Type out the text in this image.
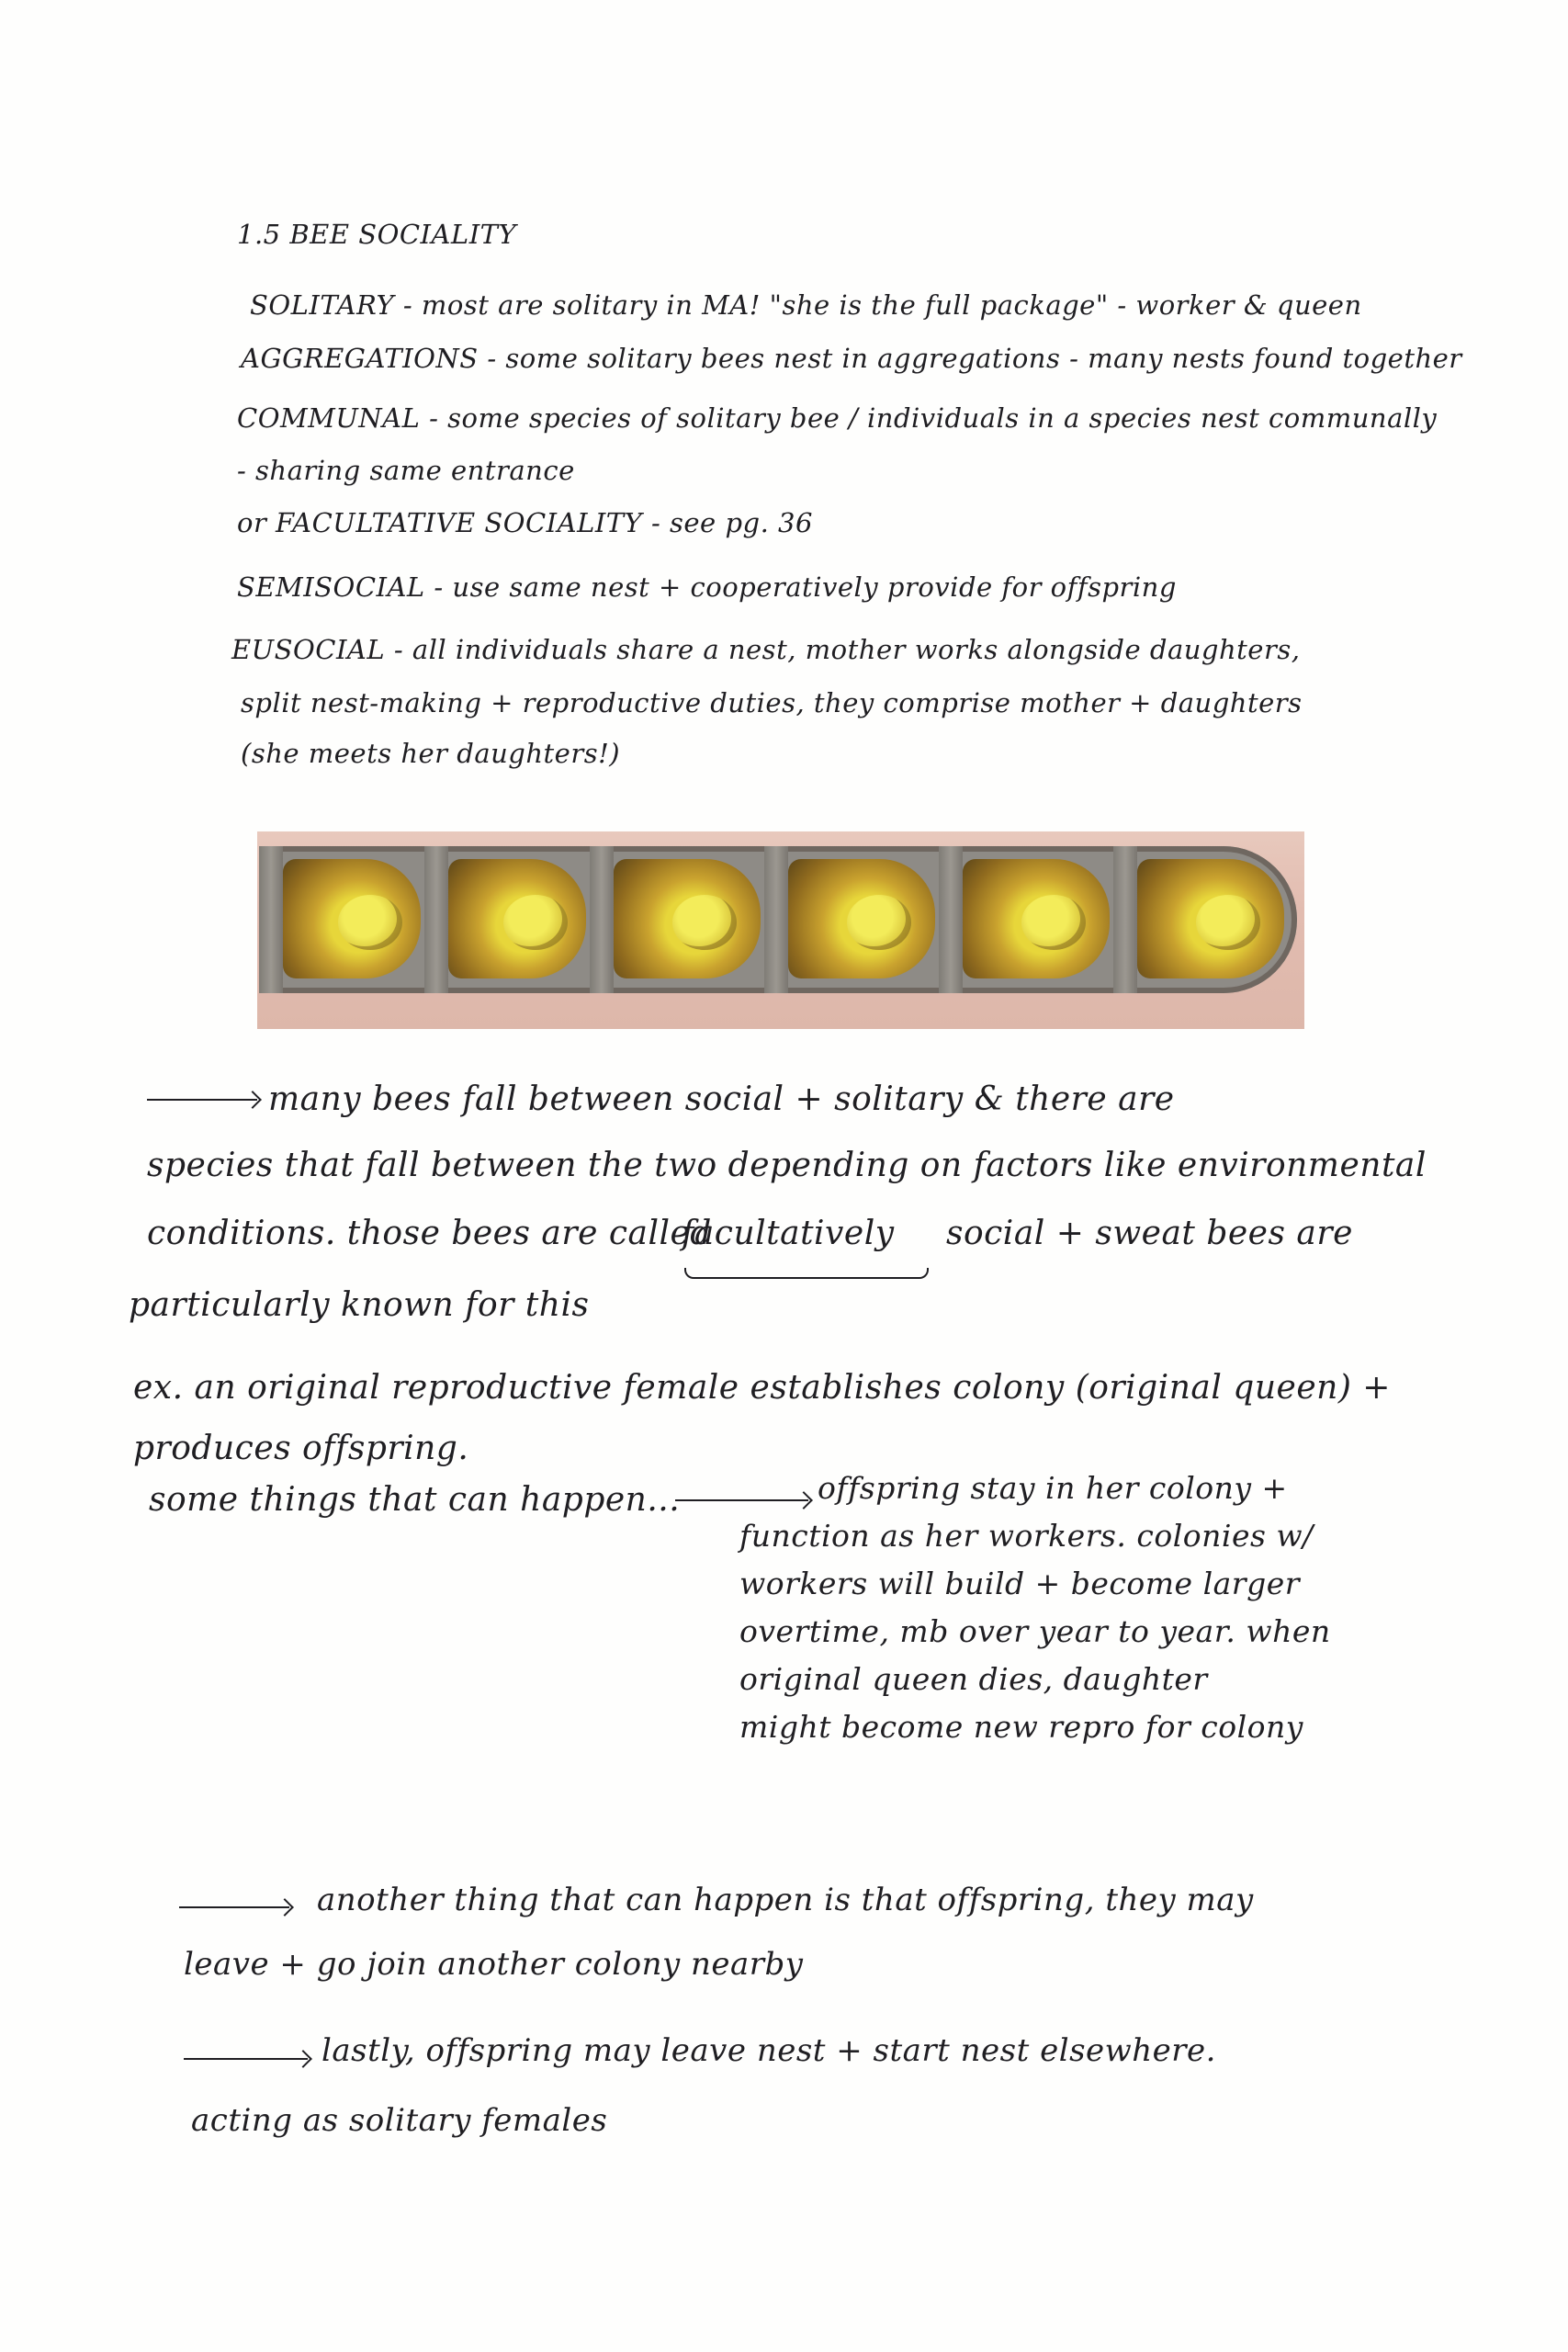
1.5 BEE SOCIALITY
SOLITARY - most are solitary in MA! "she is the full package" - worker & queen
AGGREGATIONS - some solitary bees nest in aggregations - many nests found together
COMMUNAL - some species of solitary bee / individuals in a species nest communally
- sharing same entrance
or FACULTATIVE SOCIALITY - see pg. 36
SEMISOCIAL - use same nest + cooperatively provide for offspring
EUSOCIAL - all individuals share a nest, mother works alongside daughters,
split nest-making + reproductive duties, they comprise mother + daughters
(she meets her daughters!)
many bees fall between social + solitary & there are
species that fall between the two depending on factors like environmental
conditions. those bees are called
facultatively social + sweat bees are
particularly known for this
ex. an original reproductive female establishes colony (original queen) +
produces offspring.
some things that can happen...	offspring stay in her colony +
function as her workers. colonies w/
workers will build + become larger
overtime, mb over year to year. when
original queen dies, daughter
might become new repro for colony
another thing that can happen is that offspring, they may
leave + go join another colony nearby
lastly, offspring may leave nest + start nest elsewhere.
acting as solitary females
